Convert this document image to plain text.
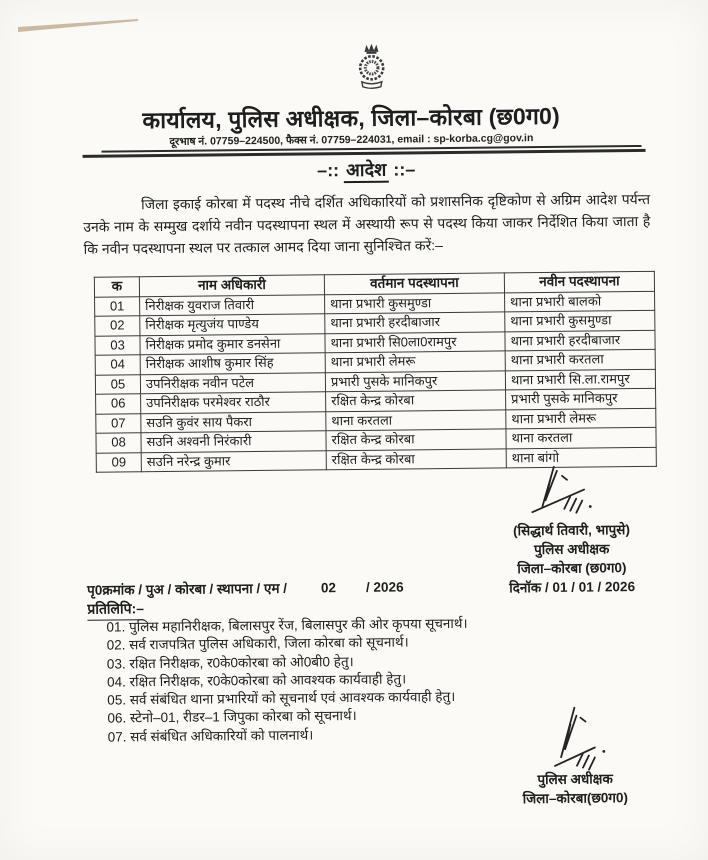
कार्यालय, पुलिस अधीक्षक, जिला–कोरबा (छ0ग0)
दूरभाष नं. 07759–224500, फैक्स नं. 07759–224031, email : sp-korba.cg@gov.in
–:: आदेश ::–
जिला इकाई कोरबा में पदस्थ नीचे दर्शित अधिकारियों को प्रशासनिक दृष्टिकोण से अग्रिम आदेश पर्यन्त उनके नाम के सम्मुख दर्शाये नवीन पदस्थापना स्थल में अस्थायी रूप से पदस्थ किया जाकर निर्देशित किया जाता है कि नवीन पदस्थापना स्थल पर तत्काल आमद दिया जाना सुनिश्चित करें:–
क	नाम अधिकारी	वर्तमान पदस्थापना	नवीन पदस्थापना
01	निरीक्षक युवराज तिवारी	थाना प्रभारी कुसमुण्डा	थाना प्रभारी बालको
02	निरीक्षक मृत्युजंय पाण्डेय	थाना प्रभारी हरदीबाजार	थाना प्रभारी कुसमुण्डा
03	निरीक्षक प्रमोद कुमार डनसेना	थाना प्रभारी सि0ला0रामपुर	थाना प्रभारी हरदीबाजार
04	निरीक्षक आशीष कुमार सिंह	थाना प्रभारी लेमरू	थाना प्रभारी करतला
05	उपनिरीक्षक नवीन पटेल	प्रभारी पुसके मानिकपुर	थाना प्रभारी सि.ला.रामपुर
06	उपनिरीक्षक परमेश्वर राठौर	रक्षित केन्द्र कोरबा	प्रभारी पुसके मानिकपुर
07	सउनि कुवंर साय पैकरा	थाना करतला	थाना प्रभारी लेमरू
08	सउनि अश्वनी निरंकारी	रक्षित केन्द्र कोरबा	थाना करतला
09	सउनि नरेन्द्र कुमार	रक्षित केन्द्र कोरबा	थाना बांगो
(सिद्धार्थ तिवारी, भापुसे)
पुलिस अधीक्षक
जिला–कोरबा (छ0ग0)
दिनॉक / 01 / 01 / 2026
पृ0क्रमांक / पुअ / कोरबा / स्थापना / एम /	02 / 2026
प्रतिलिपि:–
01. पुलिस महानिरीक्षक, बिलासपुर रेंज, बिलासपुर की ओर कृपया सूचनार्थ।
02. सर्व राजपत्रित पुलिस अधिकारी, जिला कोरबा को सूचनार्थ।
03. रक्षित निरीक्षक, र0के0कोरबा को ओ0बी0 हेतु।
04. रक्षित निरीक्षक, र0के0कोरबा को आवश्यक कार्यवाही हेतु।
05. सर्व संबंधित थाना प्रभारियों को सूचनार्थ एवं आवश्यक कार्यवाही हेतु।
06. स्टेनो–01, रीडर–1 जिपुका कोरबा को सूचनार्थ।
07. सर्व संबंधित अधिकारियों को पालनार्थ।
पुलिस अधीक्षक
जिला–कोरबा(छ0ग0)
